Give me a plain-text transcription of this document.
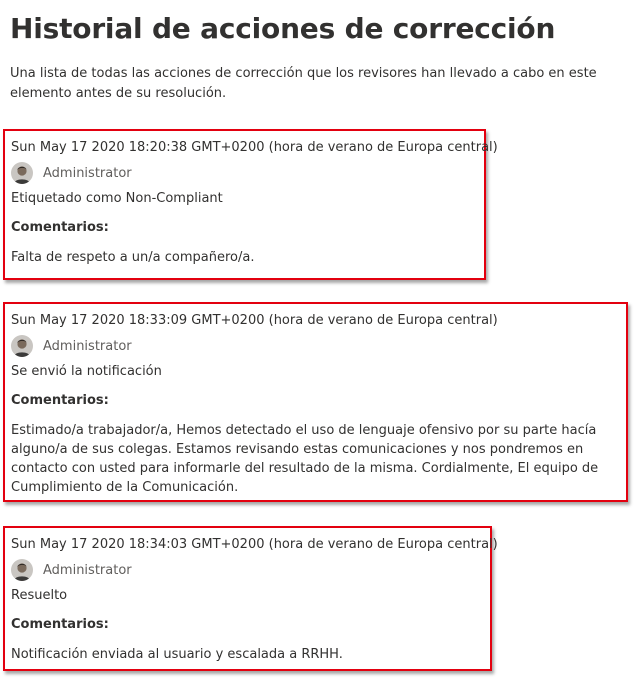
Historial de acciones de corrección

Una lista de todas las acciones de corrección que los revisores han llevado a cabo en este elemento antes de su resolución.

Sun May 17 2020 18:20:38 GMT+0200 (hora de verano de Europa central)
Administrator
Etiquetado como Non-Compliant
Comentarios:
Falta de respeto a un/a compañero/a.
Sun May 17 2020 18:33:09 GMT+0200 (hora de verano de Europa central)
Administrator
Se envió la notificación
Comentarios:
Estimado/a trabajador/a, Hemos detectado el uso de lenguaje ofensivo por su parte hacía alguno/a de sus colegas. Estamos revisando estas comunicaciones y nos pondremos en contacto con usted para informarle del resultado de la misma. Cordialmente, El equipo de Cumplimiento de la Comunicación.
Sun May 17 2020 18:34:03 GMT+0200 (hora de verano de Europa central)
Administrator
Resuelto
Comentarios:
Notificación enviada al usuario y escalada a RRHH.
